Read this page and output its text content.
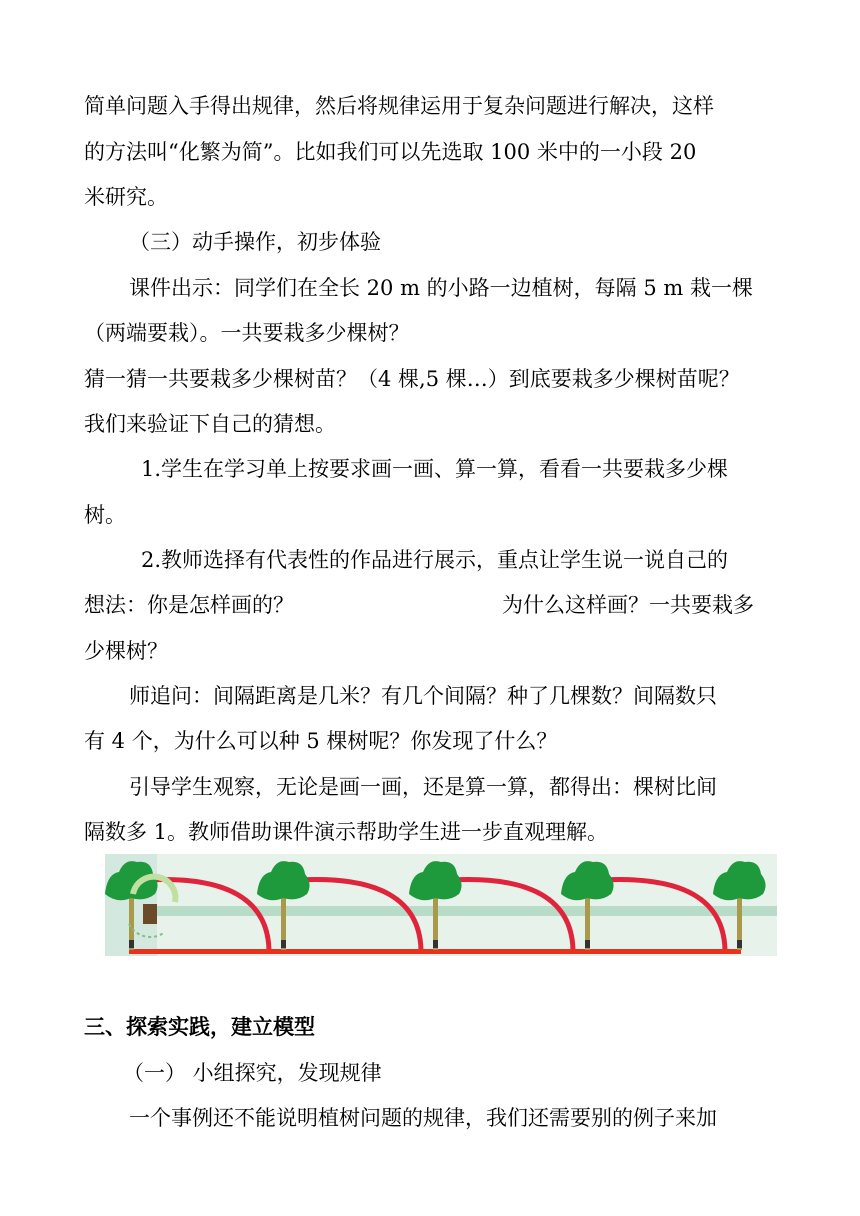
简单问题入手得出规律，然后将规律运用于复杂问题进行解决，这样
的方法叫“化繁为简”。比如我们可以先选取 100 米中的一小段 20
米研究。
（三）动手操作，初步体验
课件出示：同学们在全长 20 m 的小路一边植树，每隔 5 m 栽一棵
（两端要栽）。一共要栽多少棵树？
猜一猜一共要栽多少棵树苗？（4 棵,5 棵…）到底要栽多少棵树苗呢？
我们来验证下自己的猜想。
1.学生在学习单上按要求画一画、算一算，看看一共要栽多少棵
树。
2.教师选择有代表性的作品进行展示，重点让学生说一说自己的
想法：你是怎样画的？	为什么这样画？一共要栽多
少棵树？
师追问：间隔距离是几米？有几个间隔？种了几棵数？间隔数只
有 4 个，为什么可以种 5 棵树呢？你发现了什么？
引导学生观察，无论是画一画，还是算一算，都得出：棵树比间
隔数多 1。教师借助课件演示帮助学生进一步直观理解。
三、探索实践，建立模型
（一） 小组探究，发现规律
一个事例还不能说明植树问题的规律，我们还需要别的例子来加
